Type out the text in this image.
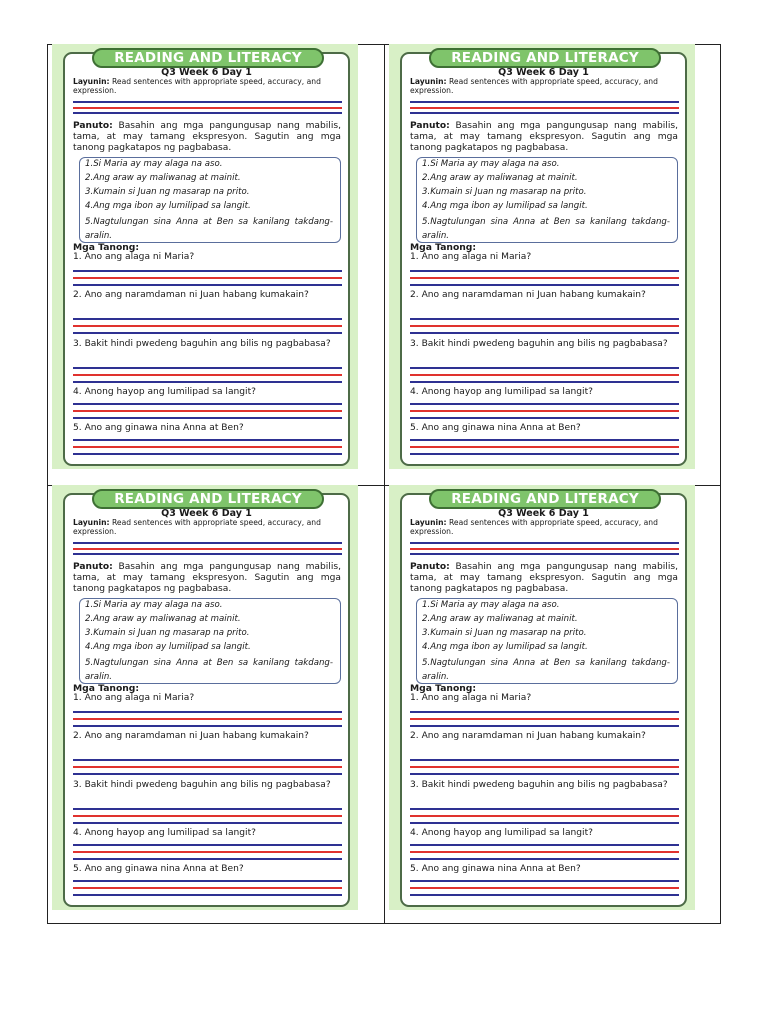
READING AND LITERACY
Q3 Week 6 Day 1
Layunin: Read sentences with appropriate speed, accuracy, and expression.
Panuto: Basahin ang mga pangungusap nang mabilis, tama, at may tamang ekspresyon. Sagutin ang mga tanong pagkatapos ng pagbabasa.
1.Si Maria ay may alaga na aso.
2.Ang araw ay maliwanag at mainit.
3.Kumain si Juan ng masarap na prito.
4.Ang mga ibon ay lumilipad sa langit.
5.Nagtulungan sina Anna at Ben sa kanilang takdang-aralin.
Mga Tanong:
1. Ano ang alaga ni Maria?
2. Ano ang naramdaman ni Juan habang kumakain?
3. Bakit hindi pwedeng baguhin ang bilis ng pagbabasa?
4. Anong hayop ang lumilipad sa langit?
5. Ano ang ginawa nina Anna at Ben?
READING AND LITERACY
Q3 Week 6 Day 1
Layunin: Read sentences with appropriate speed, accuracy, and expression.
Panuto: Basahin ang mga pangungusap nang mabilis, tama, at may tamang ekspresyon. Sagutin ang mga tanong pagkatapos ng pagbabasa.
1.Si Maria ay may alaga na aso.
2.Ang araw ay maliwanag at mainit.
3.Kumain si Juan ng masarap na prito.
4.Ang mga ibon ay lumilipad sa langit.
5.Nagtulungan sina Anna at Ben sa kanilang takdang-aralin.
Mga Tanong:
1. Ano ang alaga ni Maria?
2. Ano ang naramdaman ni Juan habang kumakain?
3. Bakit hindi pwedeng baguhin ang bilis ng pagbabasa?
4. Anong hayop ang lumilipad sa langit?
5. Ano ang ginawa nina Anna at Ben?
READING AND LITERACY
Q3 Week 6 Day 1
Layunin: Read sentences with appropriate speed, accuracy, and expression.
Panuto: Basahin ang mga pangungusap nang mabilis, tama, at may tamang ekspresyon. Sagutin ang mga tanong pagkatapos ng pagbabasa.
1.Si Maria ay may alaga na aso.
2.Ang araw ay maliwanag at mainit.
3.Kumain si Juan ng masarap na prito.
4.Ang mga ibon ay lumilipad sa langit.
5.Nagtulungan sina Anna at Ben sa kanilang takdang-aralin.
Mga Tanong:
1. Ano ang alaga ni Maria?
2. Ano ang naramdaman ni Juan habang kumakain?
3. Bakit hindi pwedeng baguhin ang bilis ng pagbabasa?
4. Anong hayop ang lumilipad sa langit?
5. Ano ang ginawa nina Anna at Ben?
READING AND LITERACY
Q3 Week 6 Day 1
Layunin: Read sentences with appropriate speed, accuracy, and expression.
Panuto: Basahin ang mga pangungusap nang mabilis, tama, at may tamang ekspresyon. Sagutin ang mga tanong pagkatapos ng pagbabasa.
1.Si Maria ay may alaga na aso.
2.Ang araw ay maliwanag at mainit.
3.Kumain si Juan ng masarap na prito.
4.Ang mga ibon ay lumilipad sa langit.
5.Nagtulungan sina Anna at Ben sa kanilang takdang-aralin.
Mga Tanong:
1. Ano ang alaga ni Maria?
2. Ano ang naramdaman ni Juan habang kumakain?
3. Bakit hindi pwedeng baguhin ang bilis ng pagbabasa?
4. Anong hayop ang lumilipad sa langit?
5. Ano ang ginawa nina Anna at Ben?
